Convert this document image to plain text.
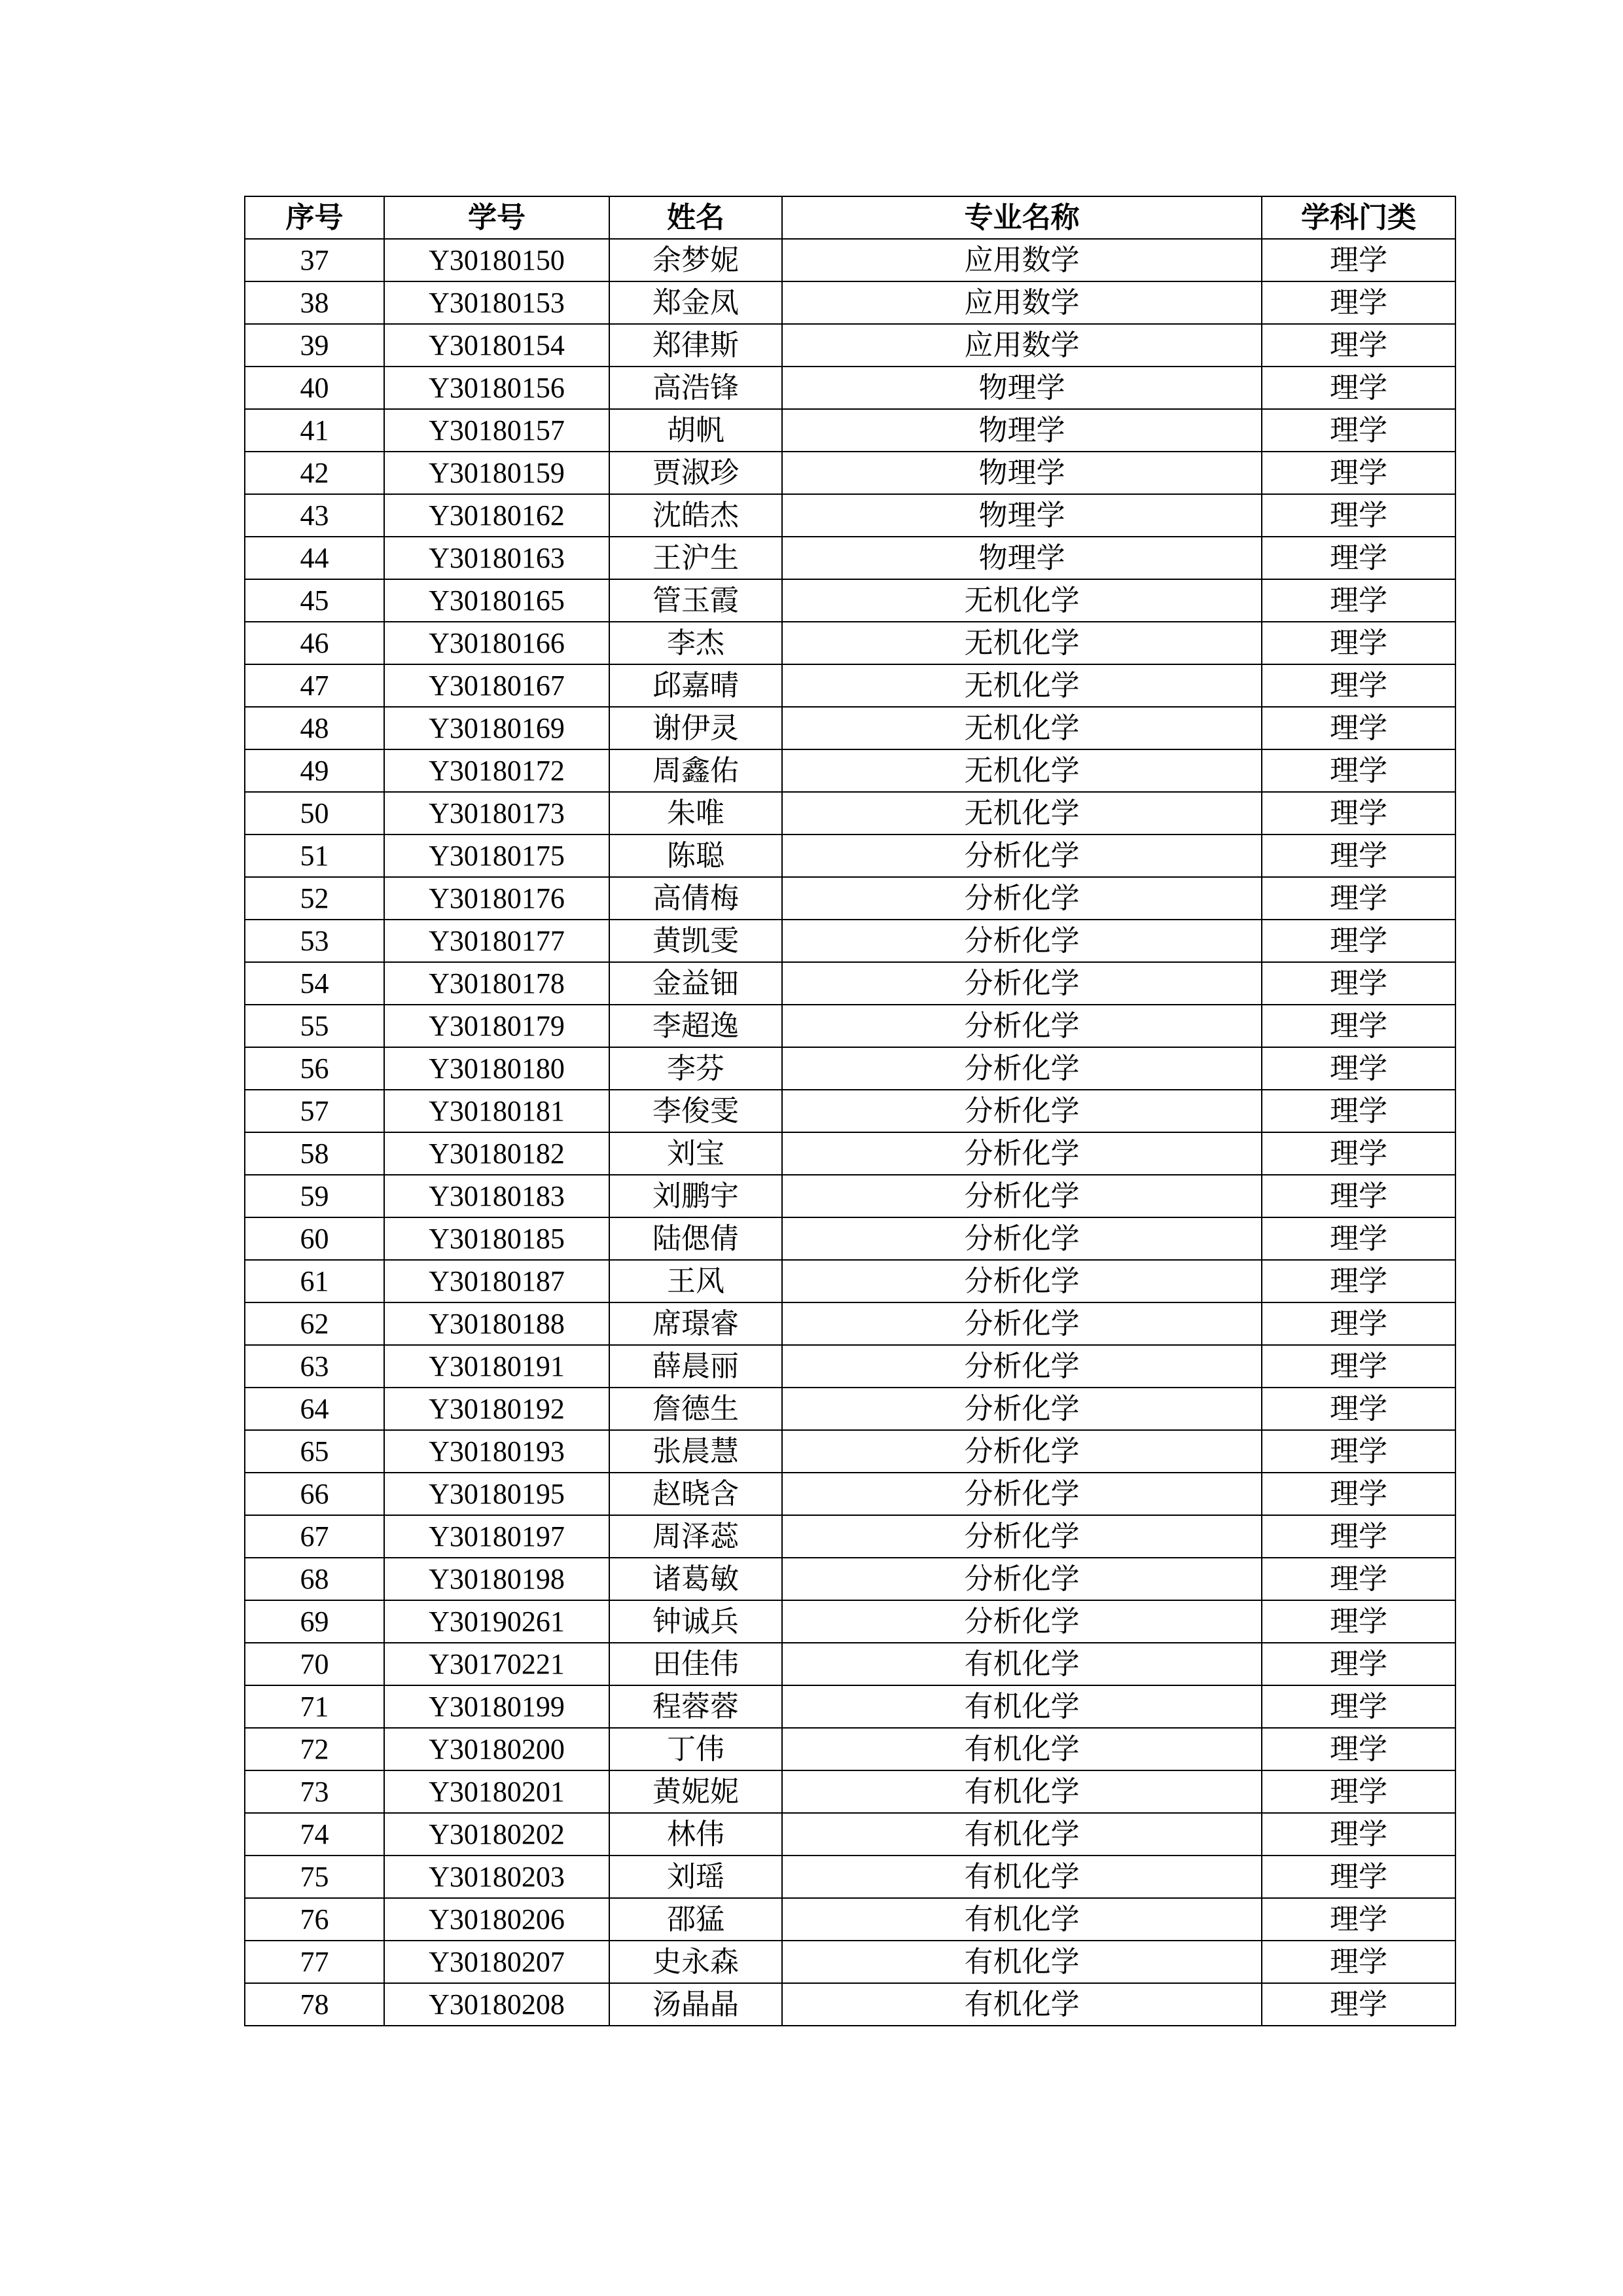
序号	学号	姓名	专业名称	学科门类
37	Y30180150	余梦妮	应用数学	理学
38	Y30180153	郑金凤	应用数学	理学
39	Y30180154	郑律斯	应用数学	理学
40	Y30180156	高浩锋	物理学	理学
41	Y30180157	胡帆	物理学	理学
42	Y30180159	贾淑珍	物理学	理学
43	Y30180162	沈皓杰	物理学	理学
44	Y30180163	王沪生	物理学	理学
45	Y30180165	管玉霞	无机化学	理学
46	Y30180166	李杰	无机化学	理学
47	Y30180167	邱嘉晴	无机化学	理学
48	Y30180169	谢伊灵	无机化学	理学
49	Y30180172	周鑫佑	无机化学	理学
50	Y30180173	朱唯	无机化学	理学
51	Y30180175	陈聪	分析化学	理学
52	Y30180176	高倩梅	分析化学	理学
53	Y30180177	黄凯雯	分析化学	理学
54	Y30180178	金益钿	分析化学	理学
55	Y30180179	李超逸	分析化学	理学
56	Y30180180	李芬	分析化学	理学
57	Y30180181	李俊雯	分析化学	理学
58	Y30180182	刘宝	分析化学	理学
59	Y30180183	刘鹏宇	分析化学	理学
60	Y30180185	陆偲倩	分析化学	理学
61	Y30180187	王风	分析化学	理学
62	Y30180188	席璟睿	分析化学	理学
63	Y30180191	薛晨丽	分析化学	理学
64	Y30180192	詹德生	分析化学	理学
65	Y30180193	张晨慧	分析化学	理学
66	Y30180195	赵晓含	分析化学	理学
67	Y30180197	周泽蕊	分析化学	理学
68	Y30180198	诸葛敏	分析化学	理学
69	Y30190261	钟诚兵	分析化学	理学
70	Y30170221	田佳伟	有机化学	理学
71	Y30180199	程蓉蓉	有机化学	理学
72	Y30180200	丁伟	有机化学	理学
73	Y30180201	黄妮妮	有机化学	理学
74	Y30180202	林伟	有机化学	理学
75	Y30180203	刘瑶	有机化学	理学
76	Y30180206	邵猛	有机化学	理学
77	Y30180207	史永森	有机化学	理学
78	Y30180208	汤晶晶	有机化学	理学
